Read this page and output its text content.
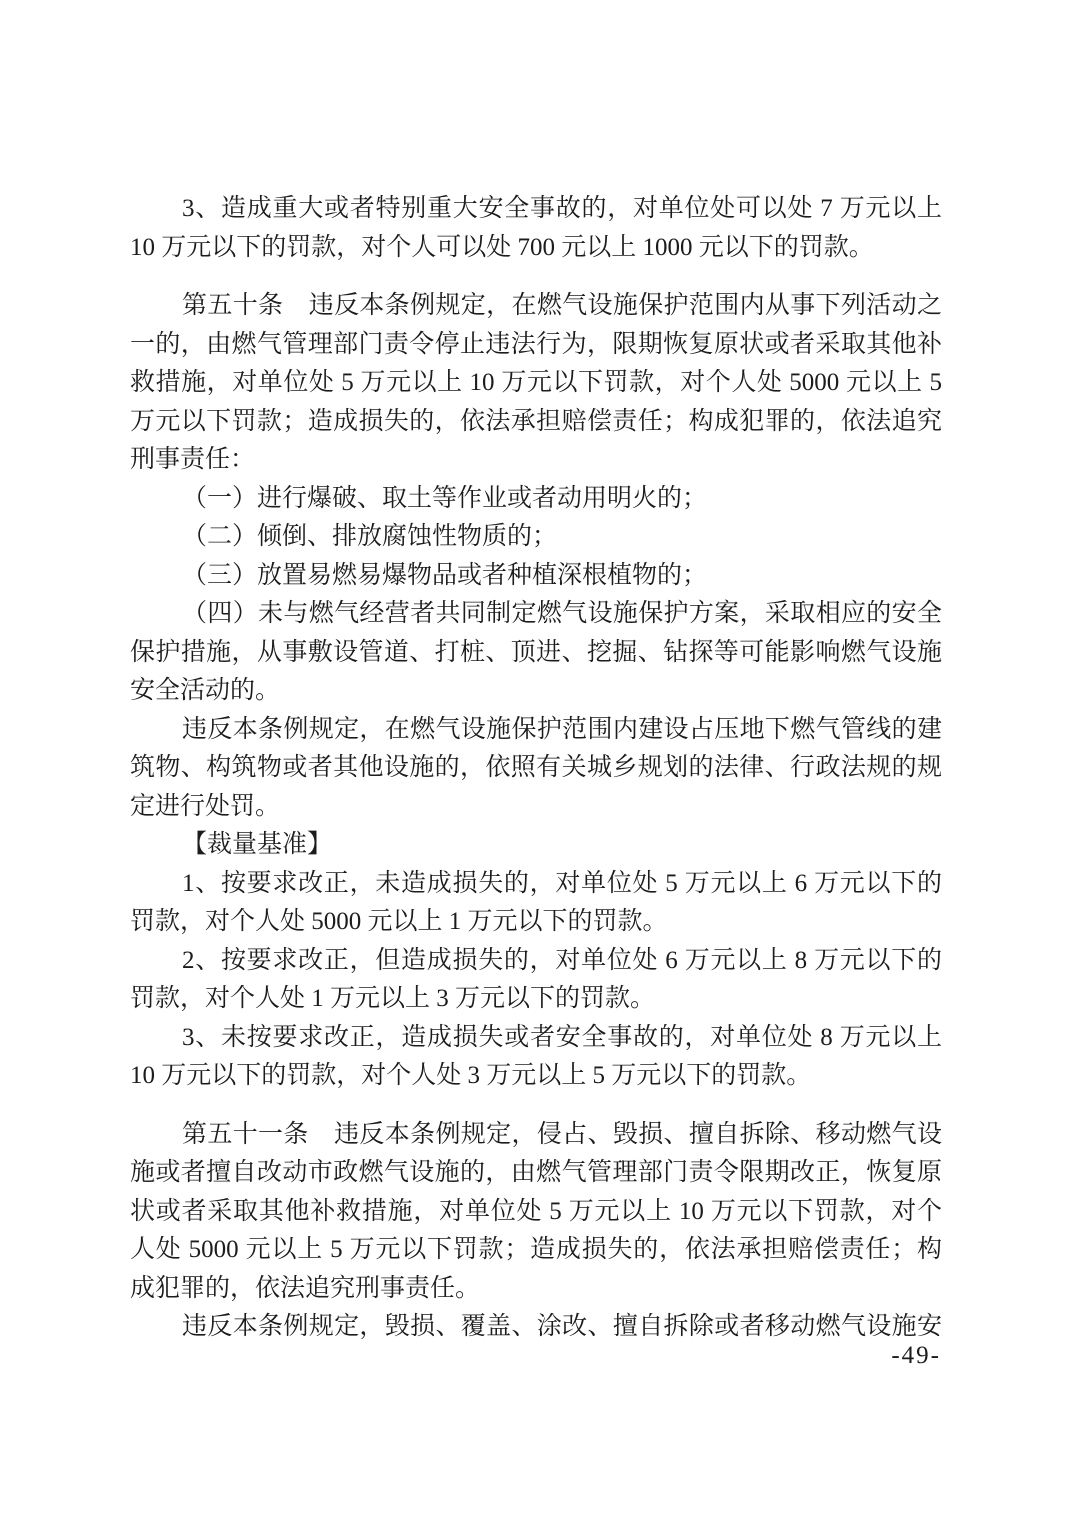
3、造成重大或者特别重大安全事故的，对单位处可以处 7 万元以上
10 万元以下的罚款，对个人可以处 700 元以上 1000 元以下的罚款。
第五十条　违反本条例规定，在燃气设施保护范围内从事下列活动之
一的，由燃气管理部门责令停止违法行为，限期恢复原状或者采取其他补
救措施，对单位处 5 万元以上 10 万元以下罚款，对个人处 5000 元以上 5
万元以下罚款；造成损失的，依法承担赔偿责任；构成犯罪的，依法追究
刑事责任：
（一）进行爆破、取土等作业或者动用明火的；
（二）倾倒、排放腐蚀性物质的；
（三）放置易燃易爆物品或者种植深根植物的；
（四）未与燃气经营者共同制定燃气设施保护方案，采取相应的安全
保护措施，从事敷设管道、打桩、顶进、挖掘、钻探等可能影响燃气设施
安全活动的。
违反本条例规定，在燃气设施保护范围内建设占压地下燃气管线的建
筑物、构筑物或者其他设施的，依照有关城乡规划的法律、行政法规的规
定进行处罚。
【裁量基准】
1、按要求改正，未造成损失的，对单位处 5 万元以上 6 万元以下的
罚款，对个人处 5000 元以上 1 万元以下的罚款。
2、按要求改正，但造成损失的，对单位处 6 万元以上 8 万元以下的
罚款，对个人处 1 万元以上 3 万元以下的罚款。
3、未按要求改正，造成损失或者安全事故的，对单位处 8 万元以上
10 万元以下的罚款，对个人处 3 万元以上 5 万元以下的罚款。
第五十一条　违反本条例规定，侵占、毁损、擅自拆除、移动燃气设
施或者擅自改动市政燃气设施的，由燃气管理部门责令限期改正，恢复原
状或者采取其他补救措施，对单位处 5 万元以上 10 万元以下罚款，对个
人处 5000 元以上 5 万元以下罚款；造成损失的，依法承担赔偿责任；构
成犯罪的，依法追究刑事责任。
违反本条例规定，毁损、覆盖、涂改、擅自拆除或者移动燃气设施安
-49-
